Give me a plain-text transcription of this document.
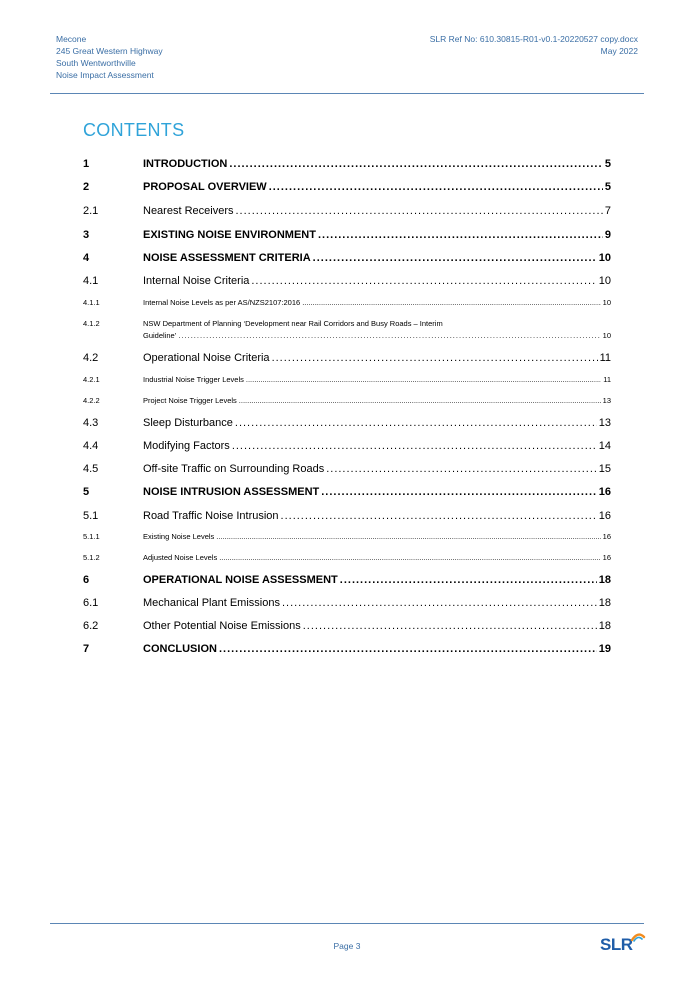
Mecone
245 Great Western Highway
South Wentworthville
Noise Impact Assessment
SLR Ref No: 610.30815-R01-v0.1-20220527 copy.docx
May 2022
CONTENTS
1	INTRODUCTION .....	5
2	PROPOSAL OVERVIEW .....	5
2.1	Nearest Receivers .....	7
3	EXISTING NOISE ENVIRONMENT .....	9
4	NOISE ASSESSMENT CRITERIA .....	10
4.1	Internal Noise Criteria .....	10
4.1.1	Internal Noise Levels as per AS/NZS2107:2016 .....	10
4.1.2	NSW Department of Planning ‘Development near Rail Corridors and Busy Roads – Interim
Guideline’ .....	10
4.2	Operational Noise Criteria .....	11
4.2.1	Industrial Noise Trigger Levels .....	11
4.2.2	Project Noise Trigger Levels .....	13
4.3	Sleep Disturbance .....	13
4.4	Modifying Factors .....	14
4.5	Off-site Traffic on Surrounding Roads .....	15
5	NOISE INTRUSION ASSESSMENT .....	16
5.1	Road Traffic Noise Intrusion .....	16
5.1.1	Existing Noise Levels .....	16
5.1.2	Adjusted Noise Levels .....	16
6	OPERATIONAL NOISE ASSESSMENT .....	18
6.1	Mechanical Plant Emissions .....	18
6.2	Other Potential Noise Emissions .....	18
7	CONCLUSION .....	19
Page 3	SLR
